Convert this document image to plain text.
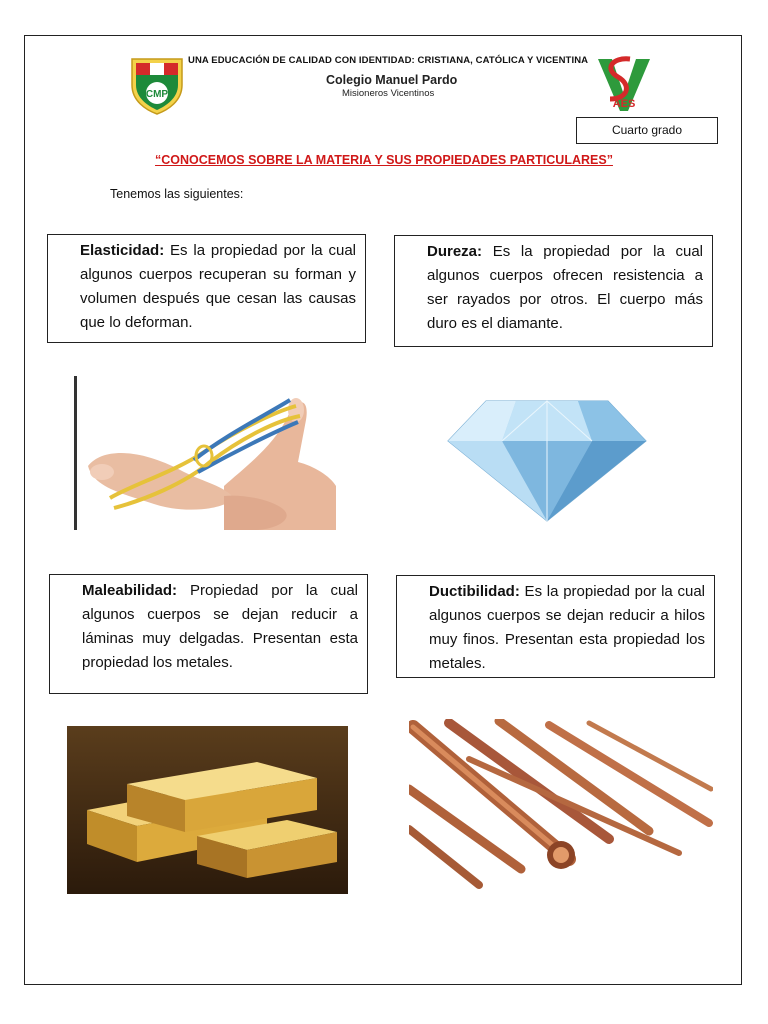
CMP
UNA EDUCACIÓN DE CALIDAD CON IDENTIDAD: CRISTIANA, CATÓLICA Y VICENTINA
Colegio Manuel Pardo
Misioneros Vicentinos
AES
Cuarto grado
“CONOCEMOS SOBRE LA MATERIA Y SUS PROPIEDADES PARTICULARES”
Tenemos las siguientes:
Elasticidad: Es la propiedad por la cual algunos cuerpos recuperan su forman y volumen después que cesan las causas que lo deforman.
Dureza: Es la propiedad por la cual algunos cuerpos ofrecen resistencia a ser rayados por otros. El cuerpo más duro es el diamante.
Maleabilidad: Propiedad por la cual algunos cuerpos se dejan reducir a láminas muy delgadas. Presentan esta propiedad los metales.
Ductibilidad: Es la propiedad por la cual algunos cuerpos se dejan reducir a hilos muy finos. Presentan esta propiedad los metales.
